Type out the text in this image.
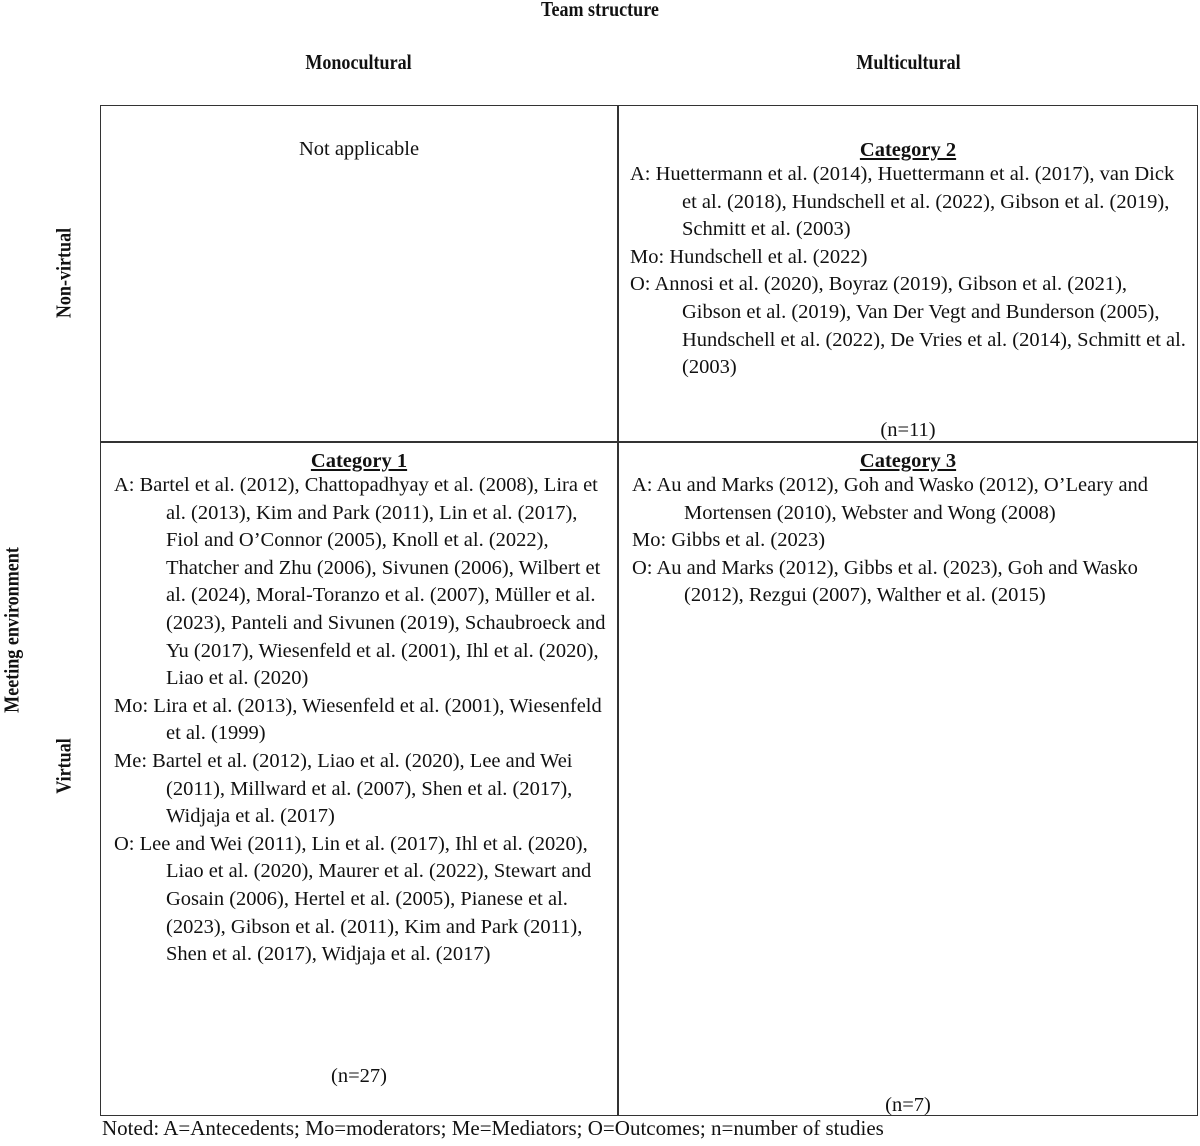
Team structure
Monocultural	Multicultural
Meeting environment
Non-virtual
Virtual
Not applicable	Category 2
A: Huettermann et al. (2014), Huettermann et al. (2017), van Dick et al. (2018), Hundschell et al. (2022), Gibson et al. (2019), Schmitt et al. (2003)
Mo: Hundschell et al. (2022)
O: Annosi et al. (2020), Boyraz (2019), Gibson et al. (2021), Gibson et al. (2019), Van Der Vegt and Bunderson (2005), Hundschell et al. (2022), De Vries et al. (2014), Schmitt et al. (2003)
(n=11)
Category 1
A: Bartel et al. (2012), Chattopadhyay et al. (2008), Lira et al. (2013), Kim and Park (2011), Lin et al. (2017), Fiol and O’Connor (2005), Knoll et al. (2022), Thatcher and Zhu (2006), Sivunen (2006), Wilbert et al. (2024), Moral-Toranzo et al. (2007), Müller et al. (2023), Panteli and Sivunen (2019), Schaubroeck and Yu (2017), Wiesenfeld et al. (2001), Ihl et al. (2020), Liao et al. (2020)
Mo: Lira et al. (2013), Wiesenfeld et al. (2001), Wiesenfeld et al. (1999)
Me: Bartel et al. (2012), Liao et al. (2020), Lee and Wei (2011), Millward et al. (2007), Shen et al. (2017), Widjaja et al. (2017)
O: Lee and Wei (2011), Lin et al. (2017), Ihl et al. (2020), Liao et al. (2020), Maurer et al. (2022), Stewart and Gosain (2006), Hertel et al. (2005), Pianese et al. (2023), Gibson et al. (2011), Kim and Park (2011), Shen et al. (2017), Widjaja et al. (2017)
(n=27)
Category 3
A: Au and Marks (2012), Goh and Wasko (2012), O’Leary and Mortensen (2010), Webster and Wong (2008)
Mo: Gibbs et al. (2023)
O: Au and Marks (2012), Gibbs et al. (2023), Goh and Wasko (2012), Rezgui (2007), Walther et al. (2015)
(n=7)
Noted: A=Antecedents; Mo=moderators; Me=Mediators; O=Outcomes; n=number of studies
